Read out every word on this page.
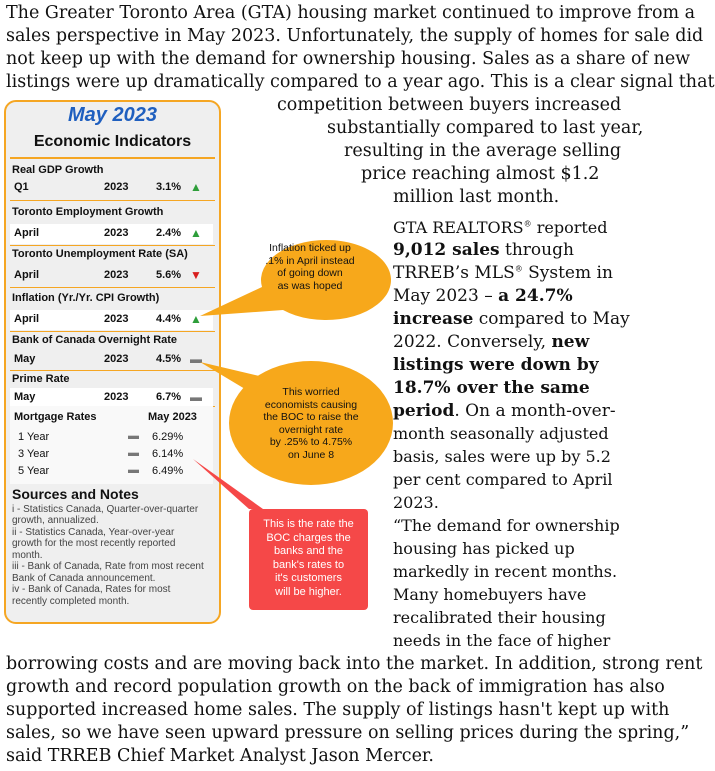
The Greater Toronto Area (GTA) housing market continued to improve from a
sales perspective in May 2023. Unfortunately, the supply of homes for sale did
not keep up with the demand for ownership housing. Sales as a share of new
listings were up dramatically compared to a year ago. This is a clear signal that
competition between buyers increased
substantially compared to last year,
resulting in the average selling
price reaching almost $1.2
million last month.
GTA REALTORS® reported
9,012 sales through
TRREB’s MLS® System in
May 2023 – a 24.7%
increase compared to May
2022. Conversely, new
listings were down by
18.7% over the same
period. On a month-over-
month seasonally adjusted
basis, sales were up by 5.2
per cent compared to April
2023.
“The demand for ownership
housing has picked up
markedly in recent months.
Many homebuyers have
recalibrated their housing
needs in the face of higher
borrowing costs and are moving back into the market. In addition, strong rent
growth and record population growth on the back of immigration has also
supported increased home sales. The supply of listings hasn't kept up with
sales, so we have seen upward pressure on selling prices during the spring,”
said TRREB Chief Market Analyst Jason Mercer.
May 2023
Economic Indicators
Real GDP Growth
Q1	2023	3.1% ▲
Toronto Employment Growth
April	2023	2.4% ▲
Toronto Unemployment Rate (SA)
April	2023	5.6% ▼
Inflation (Yr./Yr. CPI Growth)
April	2023	4.4% ▲
Bank of Canada Overnight Rate
May	2023	4.5% ▬
Prime Rate
May	2023	6.7% ▬
Mortgage Rates	May 2023
1 Year	▬ 6.29%
3 Year	▬ 6.14%
5 Year	▬ 6.49%
Sources and Notes
i - Statistics Canada, Quarter-over-quarter
growth, annualized.
ii - Statistics Canada, Year-over-year
growth for the most recently reported
month.
iii - Bank of Canada, Rate from most recent
Bank of Canada announcement.
iv - Bank of Canada, Rates for most
recently completed month.
Inflation ticked up
.1% in April instead
of going down
as was hoped
This worried
economists causing
the BOC to raise the
overnight rate
by .25% to 4.75%
on June 8
This is the rate the
BOC charges the
banks and the
bank's rates to
it's customers
will be higher.
